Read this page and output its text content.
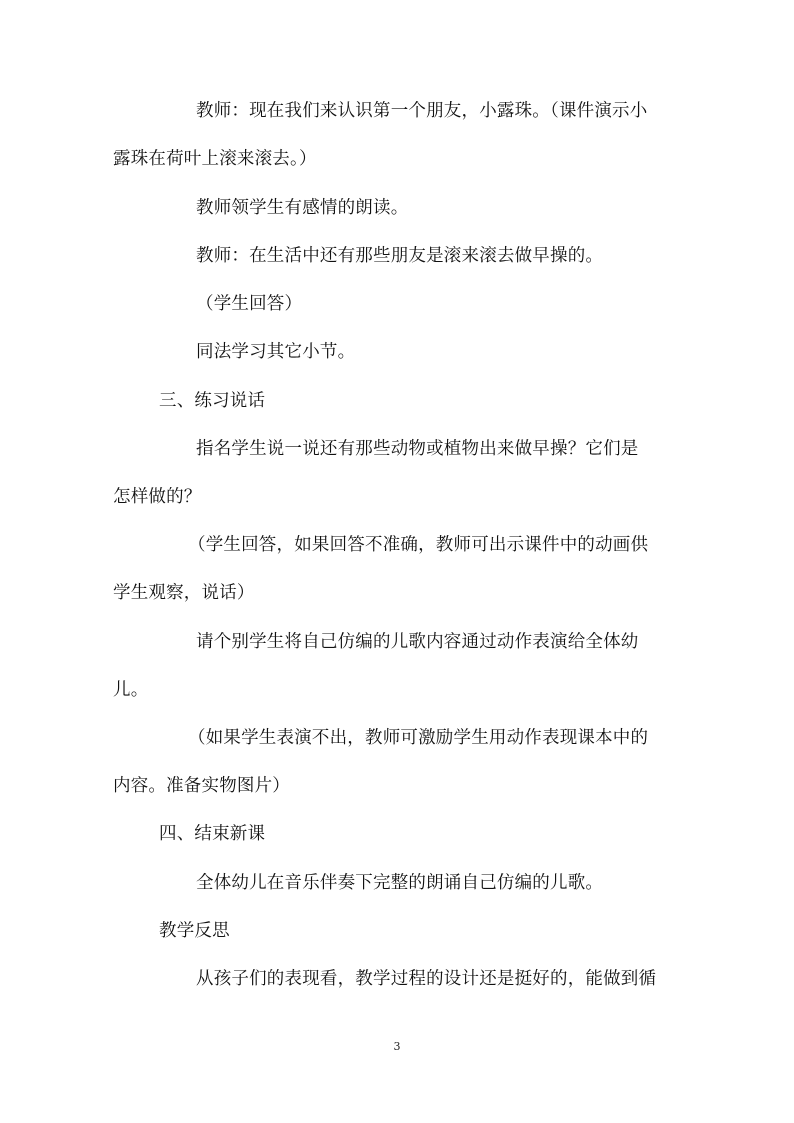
教师：现在我们来认识第一个朋友，小露珠。（课件演示小
露珠在荷叶上滚来滚去。）
教师领学生有感情的朗读。
教师：在生活中还有那些朋友是滚来滚去做早操的。
（学生回答）
同法学习其它小节。
三、练习说话
指名学生说一说还有那些动物或植物出来做早操？它们是
怎样做的？
（学生回答，如果回答不准确，教师可出示课件中的动画供
学生观察，说话）
请个别学生将自己仿编的儿歌内容通过动作表演给全体幼
儿。
（如果学生表演不出，教师可激励学生用动作表现课本中的
内容。准备实物图片）
四、结束新课
全体幼儿在音乐伴奏下完整的朗诵自己仿编的儿歌。
教学反思
从孩子们的表现看，教学过程的设计还是挺好的，能做到循
3
